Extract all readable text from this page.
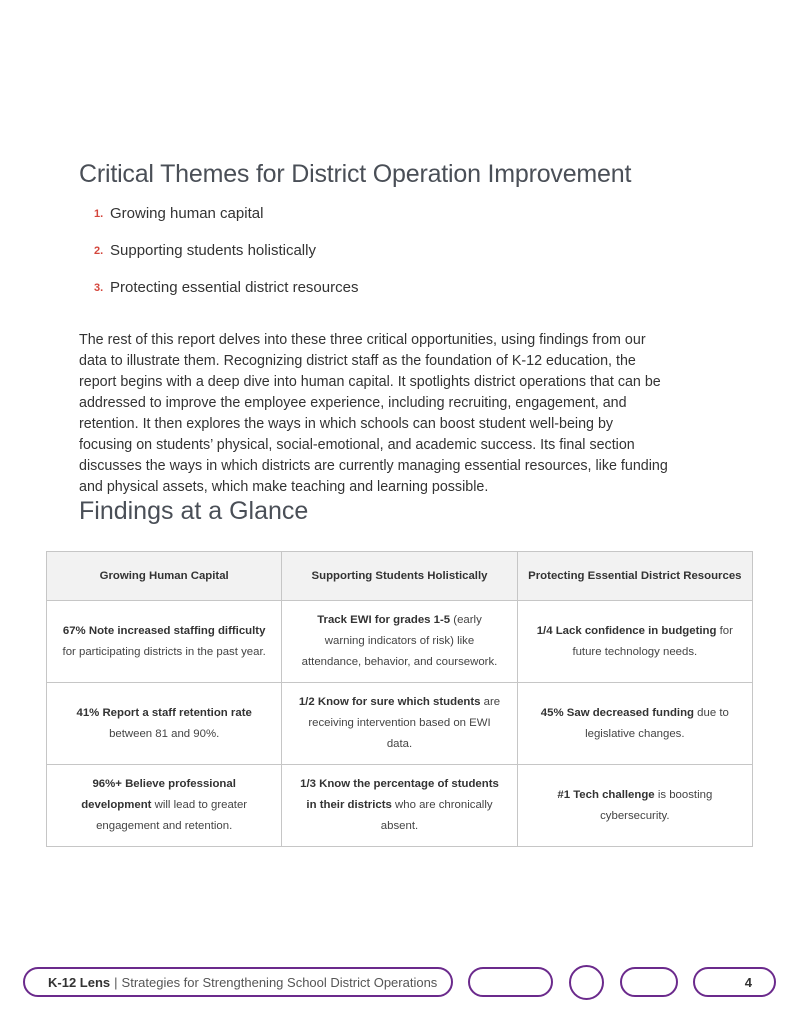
Critical Themes for District Operation Improvement
1. Growing human capital
2. Supporting students holistically
3. Protecting essential district resources

The rest of this report delves into these three critical opportunities, using findings from our data to illustrate them. Recognizing district staff as the foundation of K-12 education, the report begins with a deep dive into human capital. It spotlights district operations that can be addressed to improve the employee experience, including recruiting, engagement, and retention. It then explores the ways in which schools can boost student well-being by focusing on students’ physical, social-emotional, and academic success. Its final section discusses the ways in which districts are currently managing essential resources, like funding and physical assets, which make teaching and learning possible.

Findings at a Glance
Growing Human Capital	Supporting Students Holistically	Protecting Essential District Resources
67% Note increased staffing difficulty for participating districts in the past year.	Track EWI for grades 1-5 (early warning indicators of risk) like attendance, behavior, and coursework.	1/4 Lack confidence in budgeting for future technology needs.
41% Report a staff retention rate between 81 and 90%.	1/2 Know for sure which students are receiving intervention based on EWI data.	45% Saw decreased funding due to legislative changes.
96%+ Believe professional development will lead to greater engagement and retention.	1/3 Know the percentage of students in their districts who are chronically absent.	#1 Tech challenge is boosting cybersecurity.
K-12 Lens | Strategies for Strengthening School District Operations	4
